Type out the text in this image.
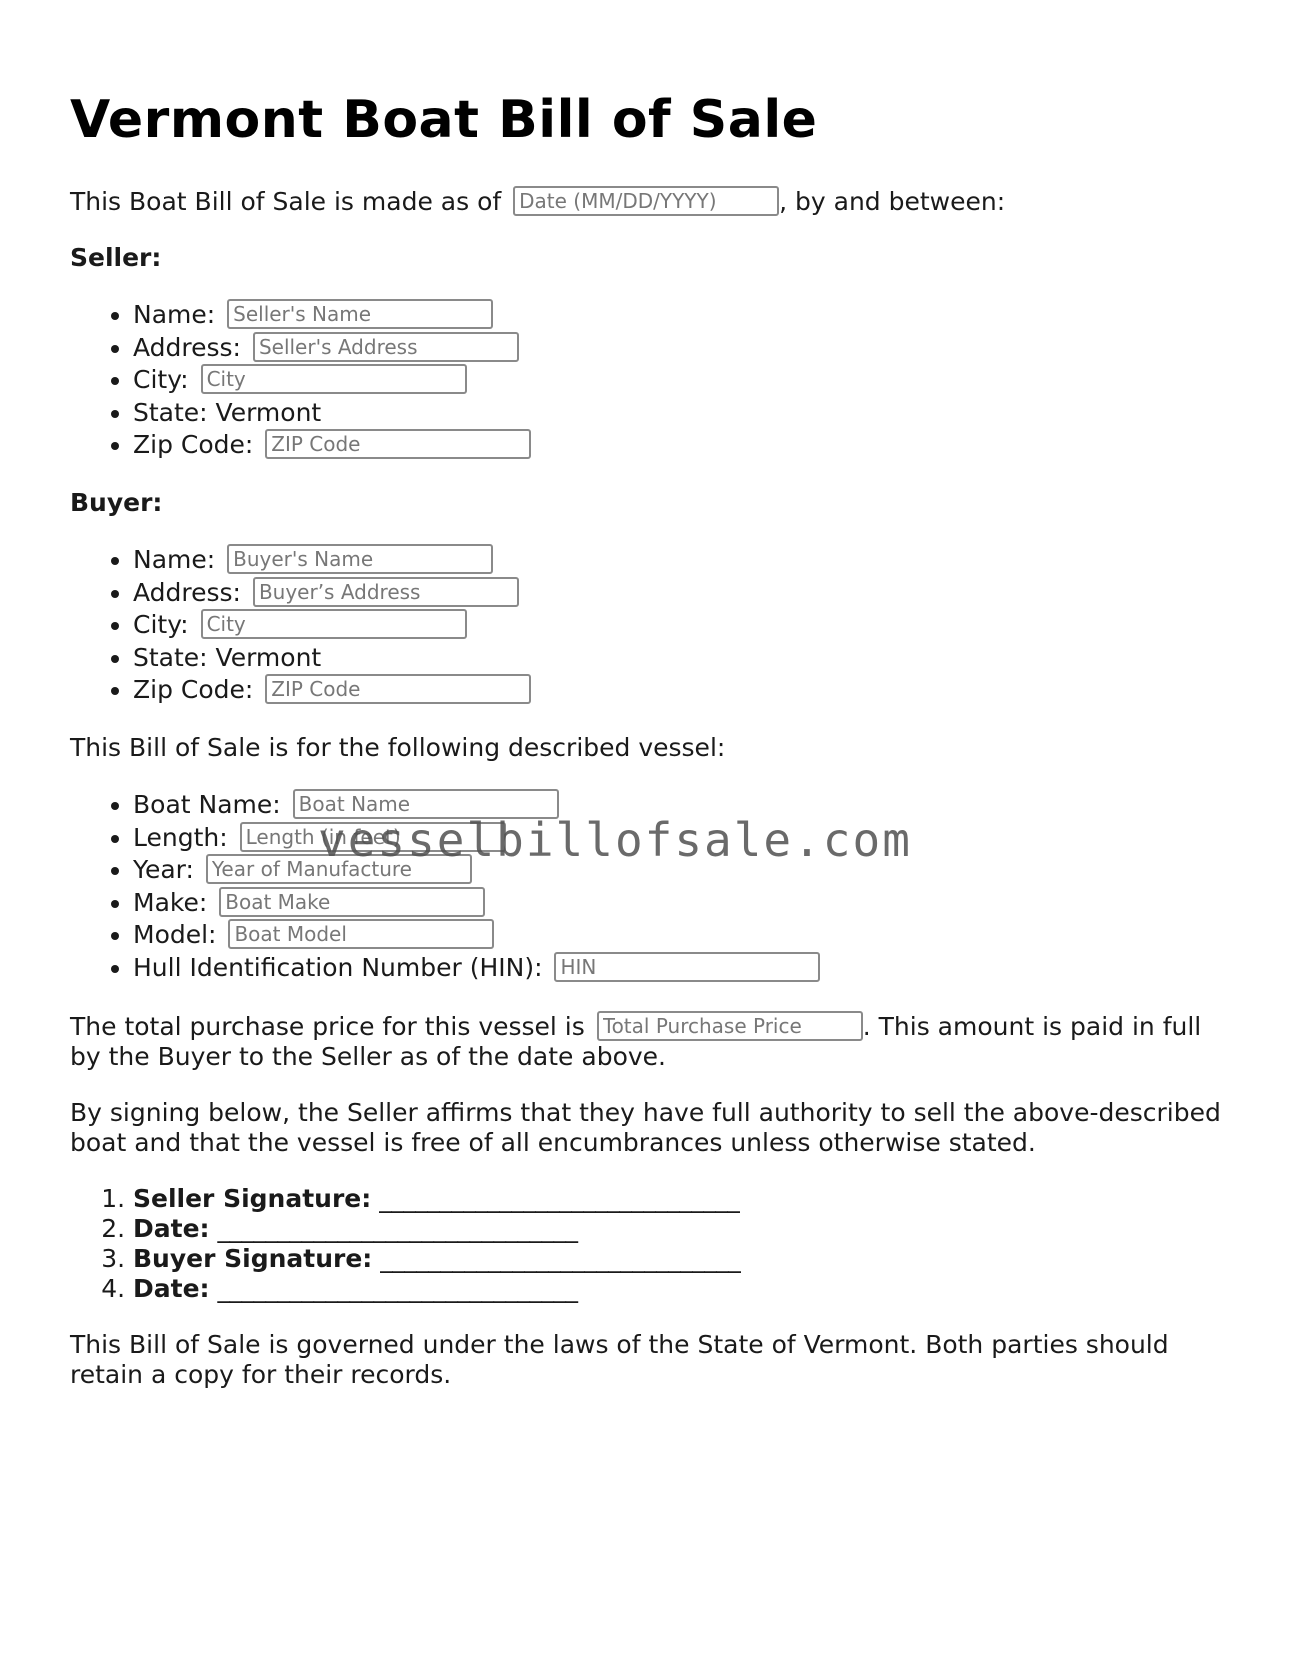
Vermont Boat Bill of Sale

This Boat Bill of Sale is made as of Date (MM/DD/YYYY)	, by and between:

Seller:

• Name: Seller's Name
• Address: Seller's Address
• City: City
• State: Vermont
• Zip Code: ZIP Code

Buyer:

• Name: Buyer's Name
• Address: Buyer’s Address
• City: City
• State: Vermont
• Zip Code: ZIP Code

This Bill of Sale is for the following described vessel:

• Boat Name: Boat Name
• Length: Length (in feet)
• Year: Year of Manufacture
• Make: Boat Make
• Model: Boat Model
• Hull Identification Number (HIN): HIN

The total purchase price for this vessel is Total Purchase Price	. This amount is paid in full by the Buyer to the Seller as of the date above.

By signing below, the Seller affirms that they have full authority to sell the above-described boat and that the vessel is free of all encumbrances unless otherwise stated.

1. Seller Signature: ______________________________
2. Date: ______________________________
3. Buyer Signature: ______________________________
4. Date: ______________________________

This Bill of Sale is governed under the laws of the State of Vermont. Both parties should retain a copy for their records.

vesselbillofsale.com
